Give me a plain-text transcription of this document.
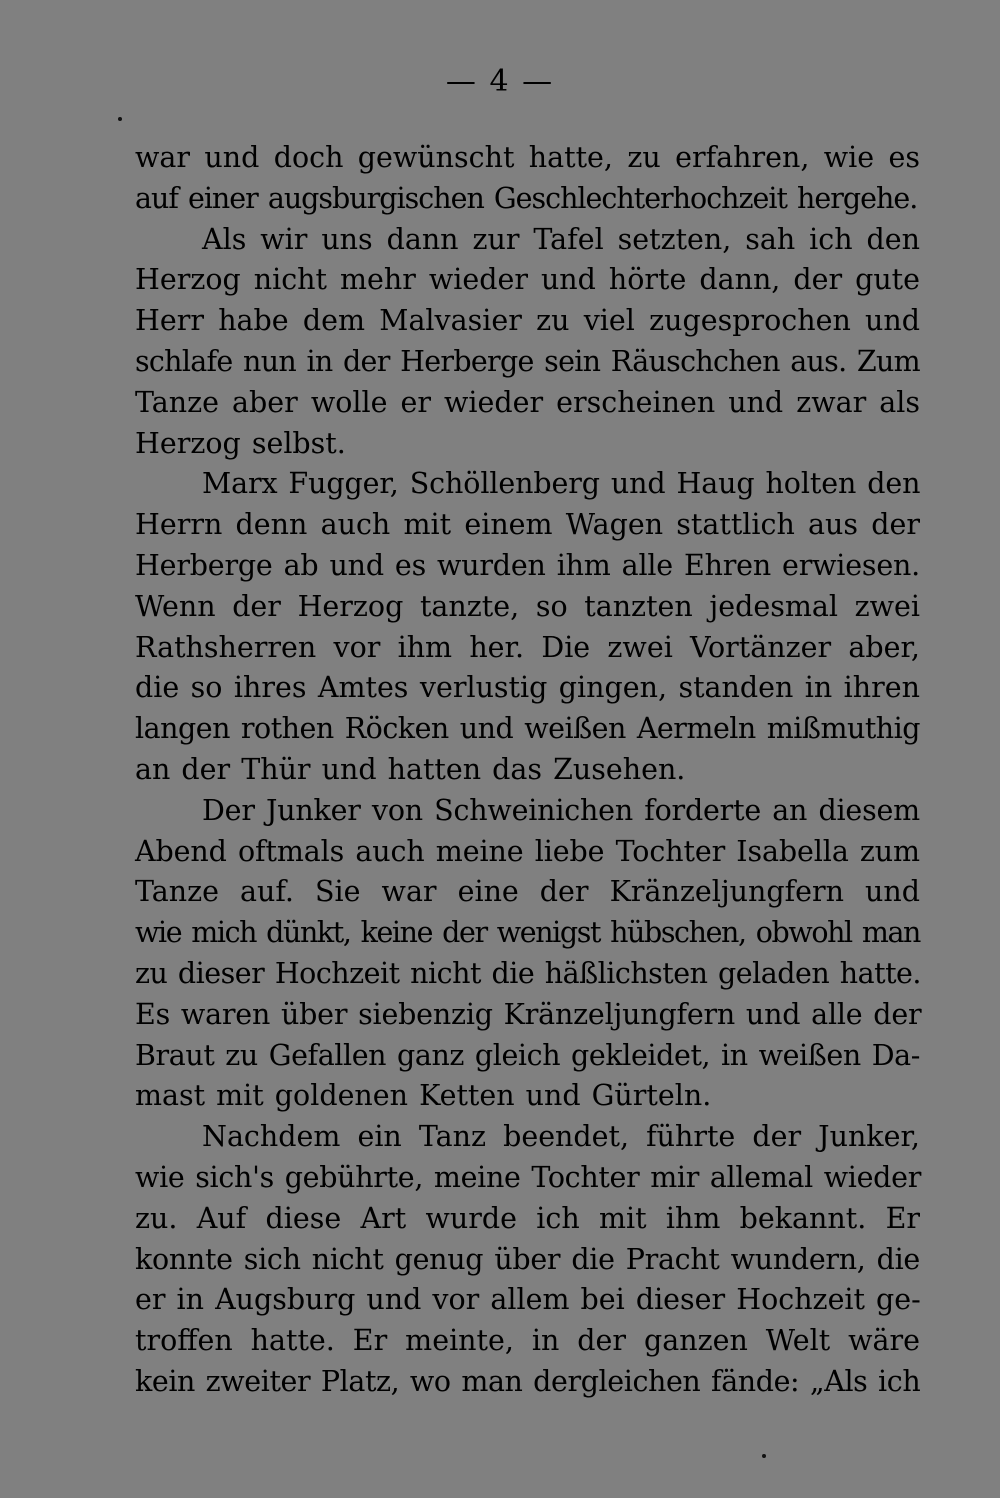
— 4 —
war und doch gewünscht hatte, zu erfahren, wie es
auf einer augsburgischen Geschlechterhochzeit hergehe.
Als wir uns dann zur Tafel setzten, sah ich den
Herzog nicht mehr wieder und hörte dann, der gute
Herr habe dem Malvasier zu viel zugesprochen und
schlafe nun in der Herberge sein Räuschchen aus. Zum
Tanze aber wolle er wieder erscheinen und zwar als
Herzog selbst.
Marx Fugger, Schöllenberg und Haug holten den
Herrn denn auch mit einem Wagen stattlich aus der
Herberge ab und es wurden ihm alle Ehren erwiesen.
Wenn der Herzog tanzte, so tanzten jedesmal zwei
Rathsherren vor ihm her. Die zwei Vortänzer aber,
die so ihres Amtes verlustig gingen, standen in ihren
langen rothen Röcken und weißen Aermeln mißmuthig
an der Thür und hatten das Zusehen.
Der Junker von Schweinichen forderte an diesem
Abend oftmals auch meine liebe Tochter Isabella zum
Tanze auf. Sie war eine der Kränzeljungfern und
wie mich dünkt, keine der wenigst hübschen, obwohl man
zu dieser Hochzeit nicht die häßlichsten geladen hatte.
Es waren über siebenzig Kränzeljungfern und alle der
Braut zu Gefallen ganz gleich gekleidet, in weißen Da-
mast mit goldenen Ketten und Gürteln.
Nachdem ein Tanz beendet, führte der Junker,
wie sich's gebührte, meine Tochter mir allemal wieder
zu. Auf diese Art wurde ich mit ihm bekannt. Er
konnte sich nicht genug über die Pracht wundern, die
er in Augsburg und vor allem bei dieser Hochzeit ge-
troffen hatte. Er meinte, in der ganzen Welt wäre
kein zweiter Platz, wo man dergleichen fände: „Als ich
